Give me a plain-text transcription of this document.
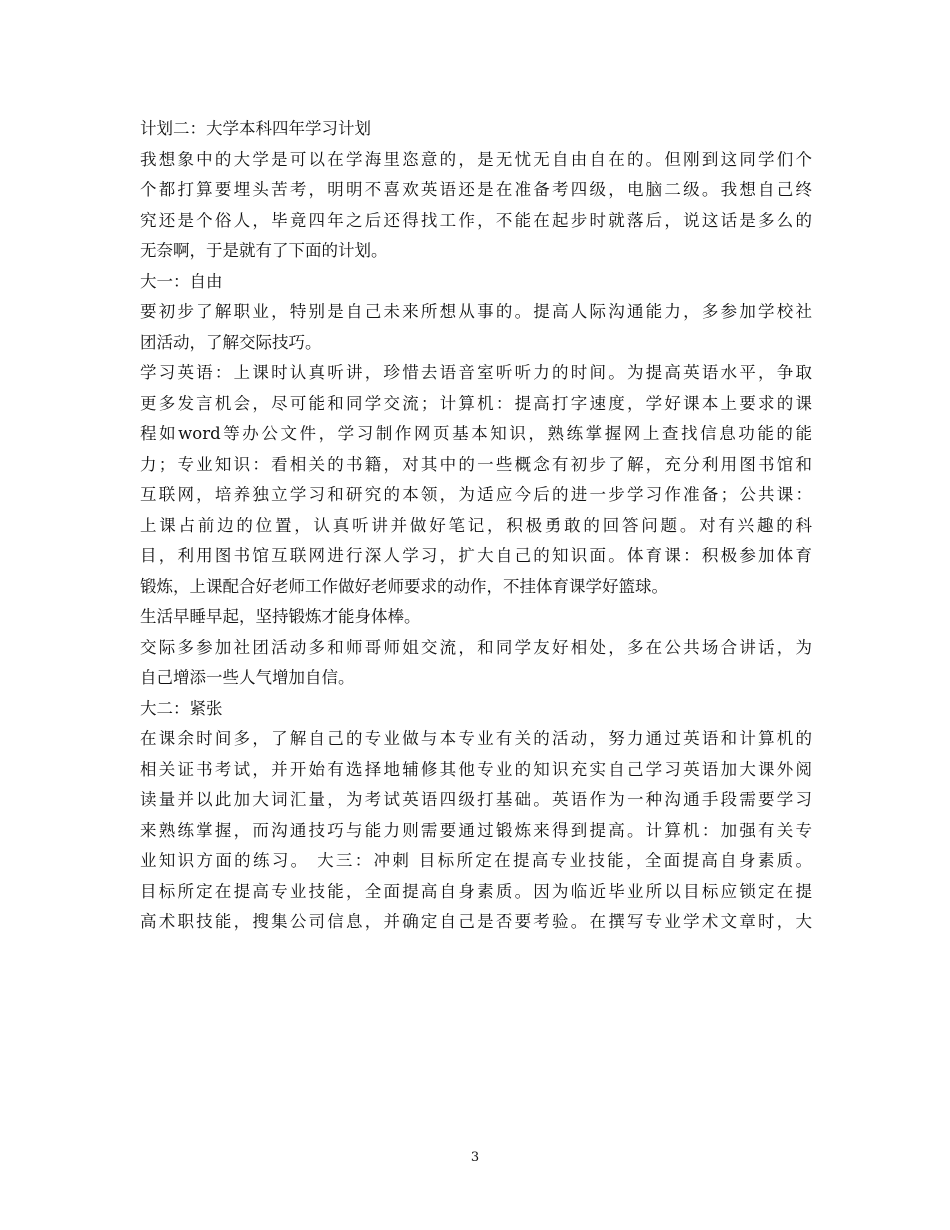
计划二：大学本科四年学习计划
我想象中的大学是可以在学海里恣意的，是无忧无自由自在的。但刚到这同学们个
个都打算要埋头苦考，明明不喜欢英语还是在准备考四级，电脑二级。我想自己终
究还是个俗人，毕竟四年之后还得找工作，不能在起步时就落后，说这话是多么的
无奈啊，于是就有了下面的计划。
大一：自由
要初步了解职业，特别是自己未来所想从事的。提高人际沟通能力，多参加学校社
团活动，了解交际技巧。
学习英语：上课时认真听讲，珍惜去语音室听听力的时间。为提高英语水平，争取
更多发言机会，尽可能和同学交流；计算机：提高打字速度，学好课本上要求的课
程如word等办公文件，学习制作网页基本知识，熟练掌握网上查找信息功能的能
力；专业知识：看相关的书籍，对其中的一些概念有初步了解，充分利用图书馆和
互联网，培养独立学习和研究的本领，为适应今后的进一步学习作准备；公共课：
上课占前边的位置，认真听讲并做好笔记，积极勇敢的回答问题。对有兴趣的科
目，利用图书馆互联网进行深人学习，扩大自己的知识面。体育课：积极参加体育
锻炼，上课配合好老师工作做好老师要求的动作，不挂体育课学好篮球。
生活早睡早起，坚持锻炼才能身体棒。
交际多参加社团活动多和师哥师姐交流，和同学友好相处，多在公共场合讲话，为
自己增添一些人气增加自信。
大二：紧张
在课余时间多，了解自己的专业做与本专业有关的活动，努力通过英语和计算机的
相关证书考试，并开始有选择地辅修其他专业的知识充实自己学习英语加大课外阅
读量并以此加大词汇量，为考试英语四级打基础。英语作为一种沟通手段需要学习
来熟练掌握，而沟通技巧与能力则需要通过锻炼来得到提高。计算机：加强有关专
业知识方面的练习。 大三：冲刺 目标所定在提高专业技能，全面提高自身素质。
目标所定在提高专业技能，全面提高自身素质。因为临近毕业所以目标应锁定在提
高术职技能，搜集公司信息，并确定自己是否要考验。在撰写专业学术文章时，大
3
